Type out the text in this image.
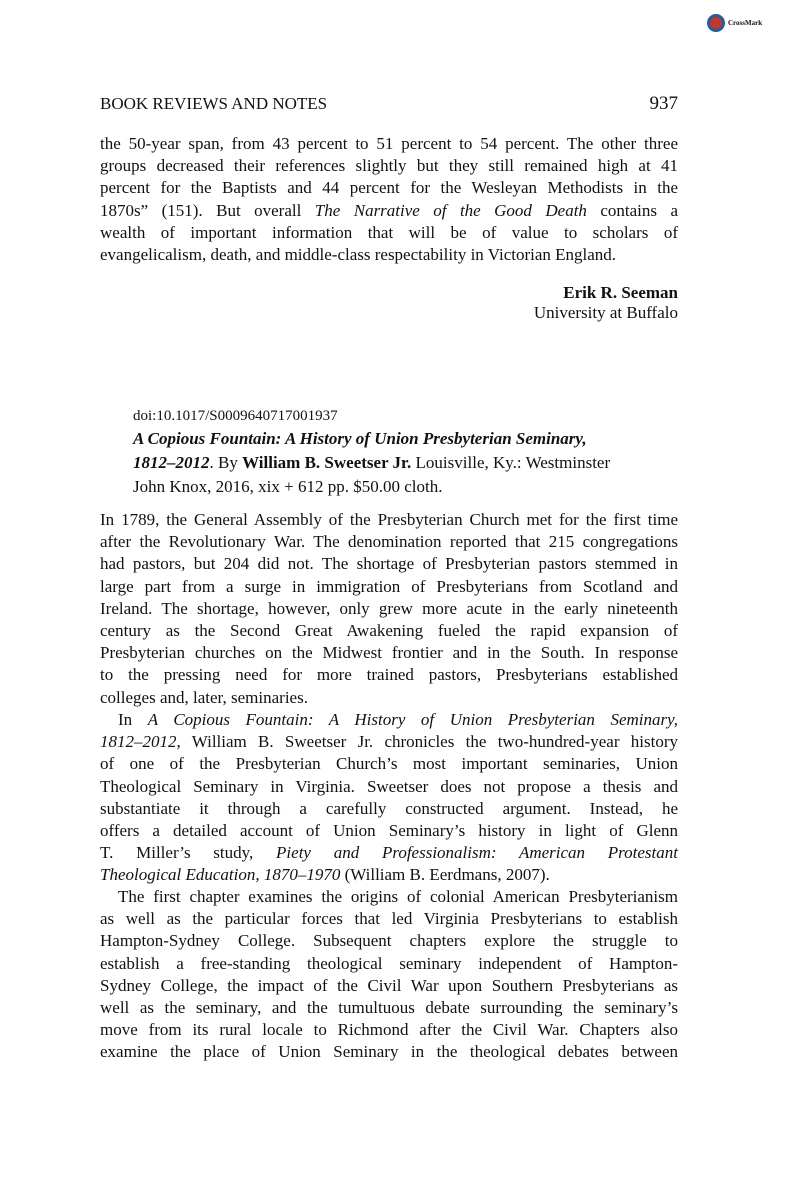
CrossMark
BOOK REVIEWS AND NOTES	937
the 50-year span, from 43 percent to 51 percent to 54 percent. The other three
groups decreased their references slightly but they still remained high at 41
percent for the Baptists and 44 percent for the Wesleyan Methodists in the
1870s” (151). But overall The Narrative of the Good Death contains a
wealth of important information that will be of value to scholars of
evangelicalism, death, and middle-class respectability in Victorian England.
Erik R. Seeman
University at Buffalo
doi:10.1017/S0009640717001937
A Copious Fountain: A History of Union Presbyterian Seminary,
1812–2012. By William B. Sweetser Jr. Louisville, Ky.: Westminster
John Knox, 2016, xix + 612 pp. $50.00 cloth.
In 1789, the General Assembly of the Presbyterian Church met for the first time
after the Revolutionary War. The denomination reported that 215 congregations
had pastors, but 204 did not. The shortage of Presbyterian pastors stemmed in
large part from a surge in immigration of Presbyterians from Scotland and
Ireland. The shortage, however, only grew more acute in the early nineteenth
century as the Second Great Awakening fueled the rapid expansion of
Presbyterian churches on the Midwest frontier and in the South. In response
to the pressing need for more trained pastors, Presbyterians established
colleges and, later, seminaries.
In A Copious Fountain: A History of Union Presbyterian Seminary,
1812–2012, William B. Sweetser Jr. chronicles the two-hundred-year history
of one of the Presbyterian Church’s most important seminaries, Union
Theological Seminary in Virginia. Sweetser does not propose a thesis and
substantiate it through a carefully constructed argument. Instead, he
offers a detailed account of Union Seminary’s history in light of Glenn
T. Miller’s study, Piety and Professionalism: American Protestant
Theological Education, 1870–1970 (William B. Eerdmans, 2007).
The first chapter examines the origins of colonial American Presbyterianism
as well as the particular forces that led Virginia Presbyterians to establish
Hampton-Sydney College. Subsequent chapters explore the struggle to
establish a free-standing theological seminary independent of Hampton-
Sydney College, the impact of the Civil War upon Southern Presbyterians as
well as the seminary, and the tumultuous debate surrounding the seminary’s
move from its rural locale to Richmond after the Civil War. Chapters also
examine the place of Union Seminary in the theological debates between
